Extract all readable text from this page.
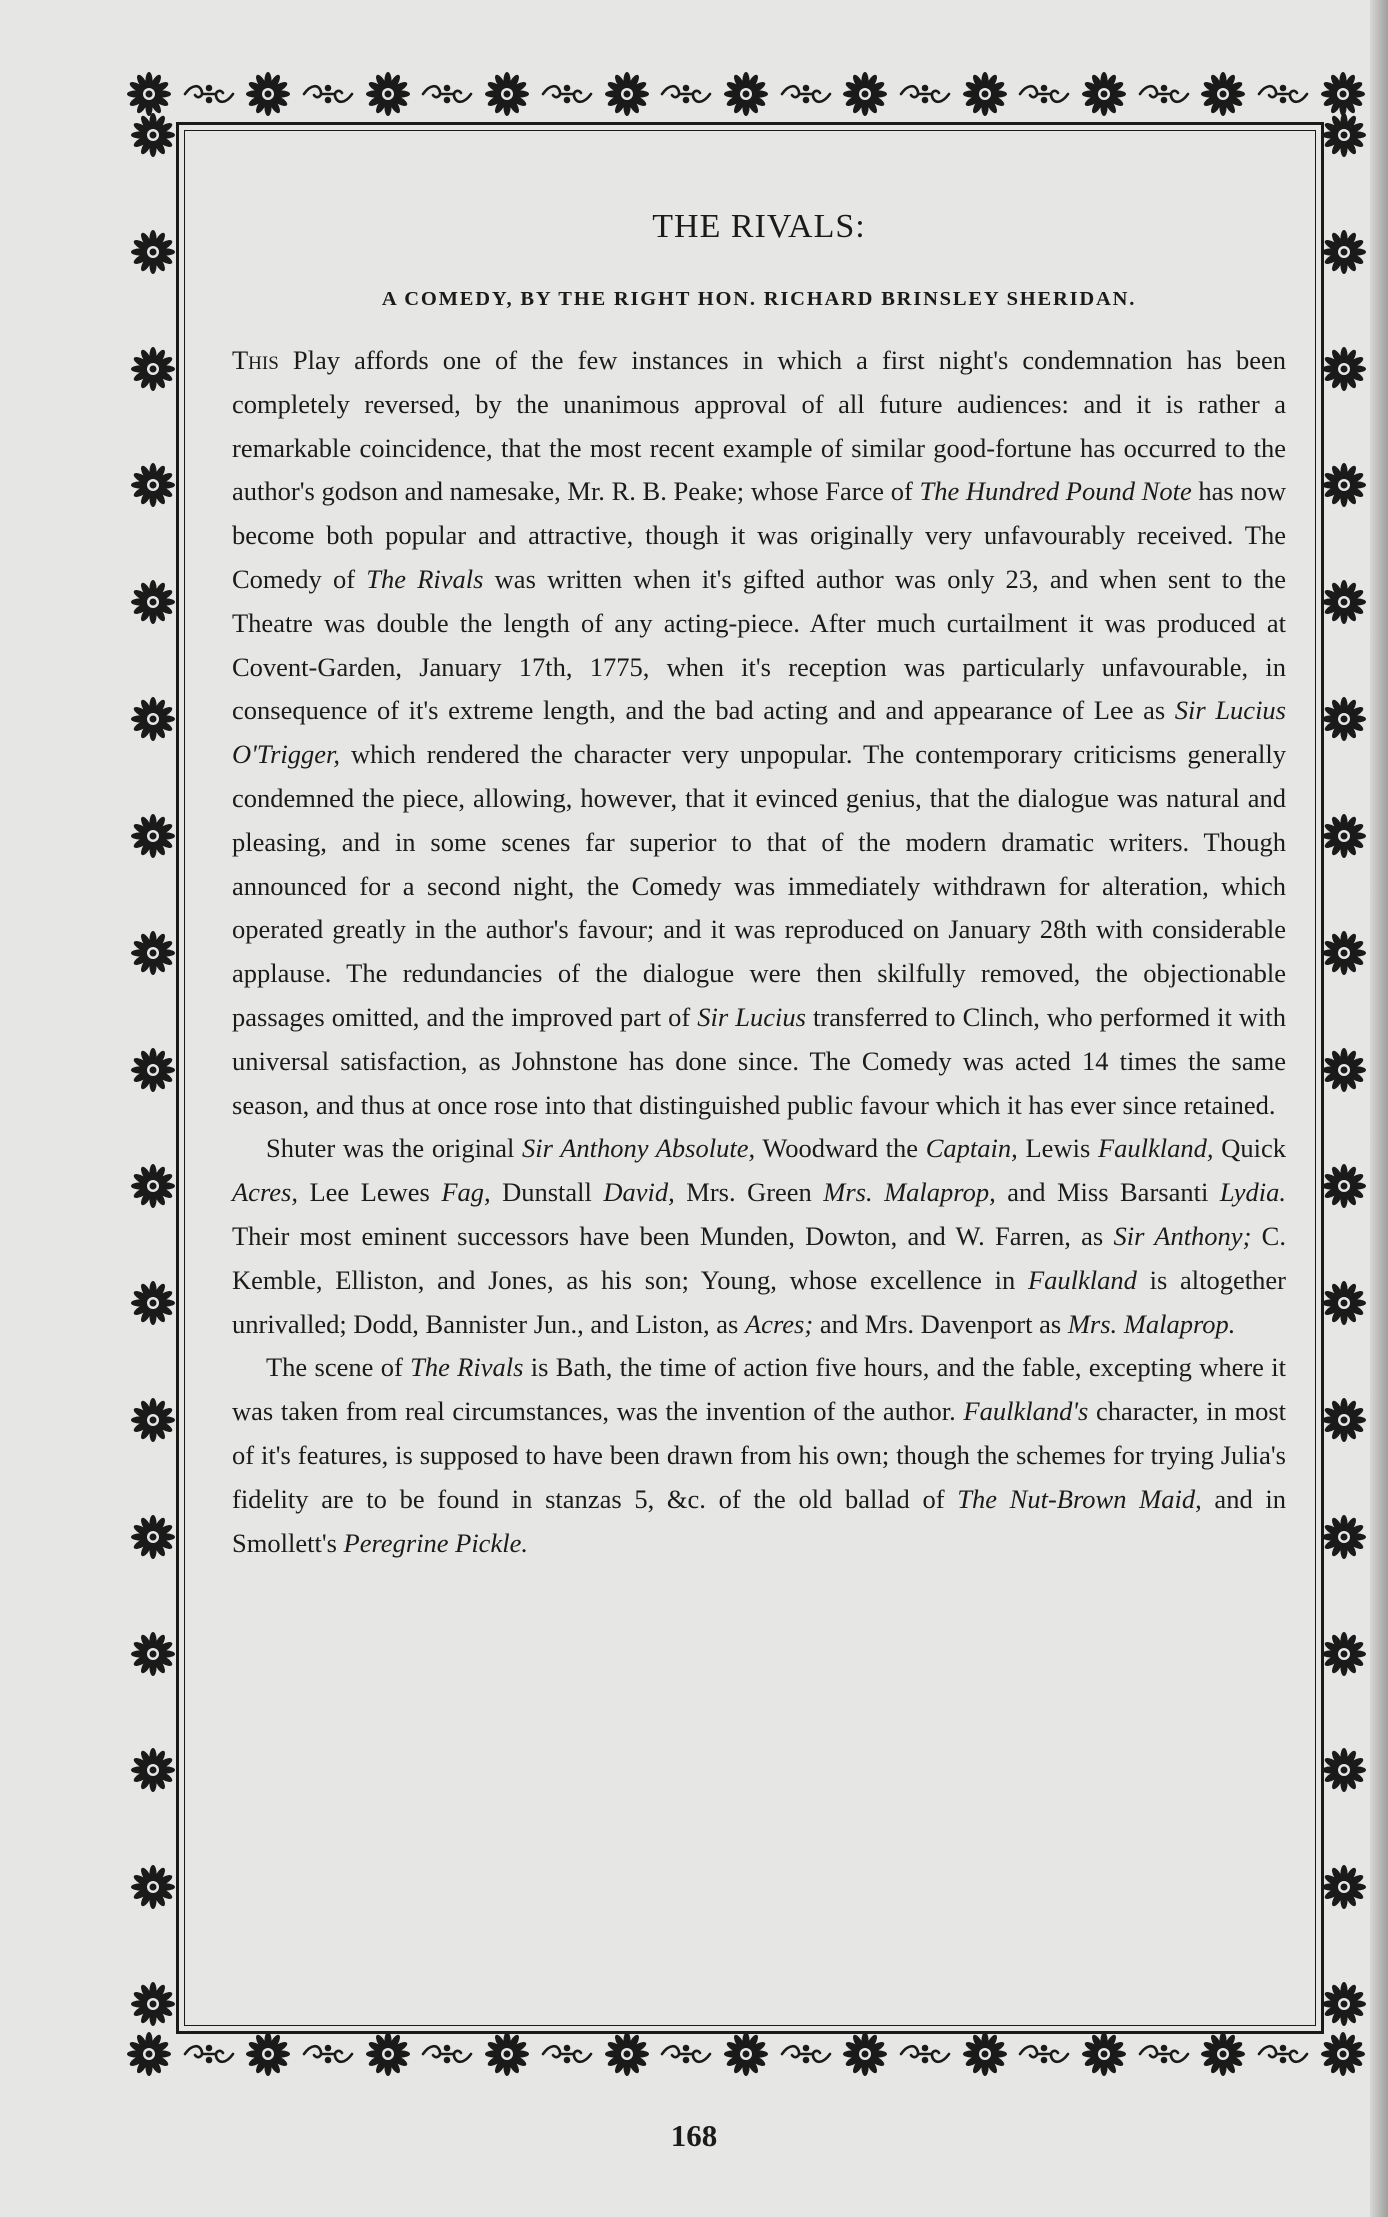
THE RIVALS:
A COMEDY, BY THE RIGHT HON. RICHARD BRINSLEY SHERIDAN.

This Play affords one of the few instances in which a first night's condemnation has been completely reversed, by the unanimous approval of all future audiences: and it is rather a remarkable coincidence, that the most recent example of similar good-fortune has occurred to the author's godson and namesake, Mr. R. B. Peake; whose Farce of The Hundred Pound Note has now become both popular and attractive, though it was originally very unfavourably received. The Comedy of The Rivals was written when it's gifted author was only 23, and when sent to the Theatre was double the length of any acting-piece. After much curtailment it was produced at Covent-Garden, January 17th, 1775, when it's reception was particularly unfavourable, in consequence of it's extreme length, and the bad acting and and appearance of Lee as Sir Lucius O'Trigger, which rendered the character very unpopular. The contemporary criticisms generally condemned the piece, allowing, however, that it evinced genius, that the dialogue was natural and pleasing, and in some scenes far superior to that of the modern dramatic writers. Though announced for a second night, the Comedy was immediately withdrawn for alteration, which operated greatly in the author's favour; and it was reproduced on January 28th with considerable applause. The redundancies of the dialogue were then skilfully removed, the objectionable passages omitted, and the improved part of Sir Lucius transferred to Clinch, who performed it with universal satisfaction, as Johnstone has done since. The Comedy was acted 14 times the same season, and thus at once rose into that distinguished public favour which it has ever since retained.

Shuter was the original Sir Anthony Absolute, Woodward the Captain, Lewis Faulkland, Quick Acres, Lee Lewes Fag, Dunstall David, Mrs. Green Mrs. Malaprop, and Miss Barsanti Lydia. Their most eminent successors have been Munden, Dowton, and W. Farren, as Sir Anthony; C. Kemble, Elliston, and Jones, as his son; Young, whose excellence in Faulkland is altogether unrivalled; Dodd, Bannister Jun., and Liston, as Acres; and Mrs. Davenport as Mrs. Malaprop.

The scene of The Rivals is Bath, the time of action five hours, and the fable, excepting where it was taken from real circumstances, was the invention of the author. Faulkland's character, in most of it's features, is supposed to have been drawn from his own; though the schemes for trying Julia's fidelity are to be found in stanzas 5, &c. of the old ballad of The Nut-Brown Maid, and in Smollett's Peregrine Pickle.

168
